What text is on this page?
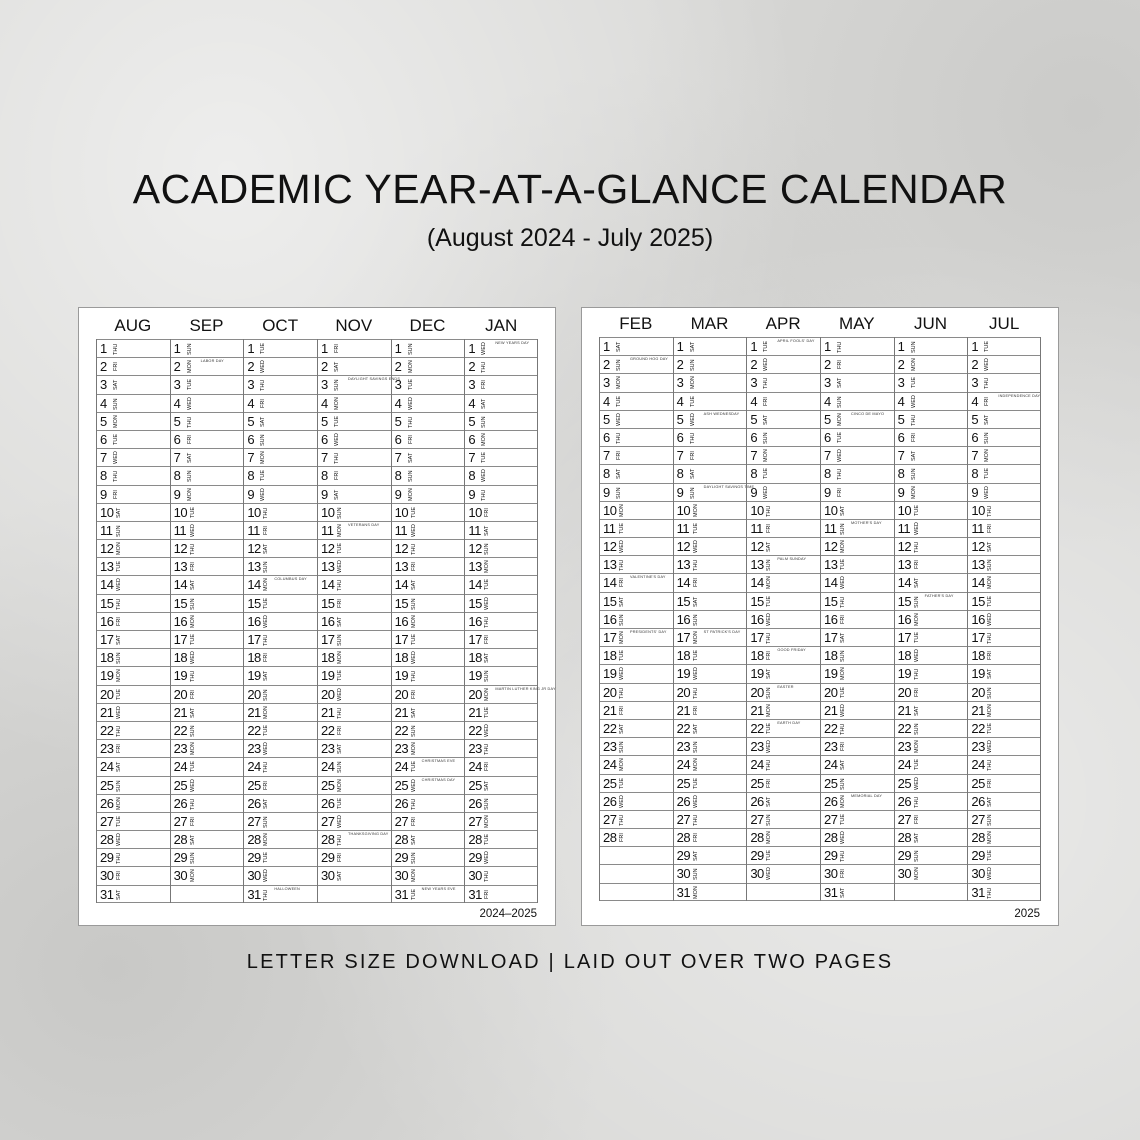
ACADEMIC YEAR-AT-A-GLANCE CALENDAR
(August 2024 - July 2025)
AUG
1 THU
2 FRI
3 SAT
4 SUN
5 MON
6 TUE
7 WED
8 THU
9 FRI
10 SAT
11 SUN
12 MON
13 TUE
14 WED
15 THU
16 FRI
17 SAT
18 SUN
19 MON
20 TUE
21 WED
22 THU
23 FRI
24 SAT
25 SUN
26 MON
27 TUE
28 WED
29 THU
30 FRI
31 SAT
SEP
1 SUN
2 MON LABOR DAY
3 TUE
4 WED
5 THU
6 FRI
7 SAT
8 SUN
9 MON
10 TUE
11 WED
12 THU
13 FRI
14 SAT
15 SUN
16 MON
17 TUE
18 WED
19 THU
20 FRI
21 SAT
22 SUN
23 MON
24 TUE
25 WED
26 THU
27 FRI
28 SAT
29 SUN
30 MON
OCT
1 TUE
2 WED
3 THU
4 FRI
5 SAT
6 SUN
7 MON
8 TUE
9 WED
10 THU
11 FRI
12 SAT
13 SUN
14 MON COLUMBUS DAY
15 TUE
16 WED
17 THU
18 FRI
19 SAT
20 SUN
21 MON
22 TUE
23 WED
24 THU
25 FRI
26 SAT
27 SUN
28 MON
29 TUE
30 WED
31 THU
HALLOWEEN
NOV
1 FRI
2 SAT
3 SUN
DAYLIGHT SAVINGS ENDS
4 MON
5 TUE
6 WED
7 THU
8 FRI
9 SAT
10 SUN
11 MON VETERANS DAY
12 TUE
13 WED
14 THU
15 FRI
16 SAT
17 SUN
18 MON
19 TUE
20 WED
21 THU
22 FRI
23 SAT
24 SUN
25 MON
26 TUE
27 WED
28 THU
THANKSGIVING DAY
29 FRI
30 SAT
DEC
1 SUN
2 MON
3 TUE
4 WED
5 THU
6 FRI
7 SAT
8 SUN
9 MON
10 TUE
11 WED
12 THU
13 FRI
14 SAT
15 SUN
16 MON
17 TUE
18 WED
19 THU
20 FRI
21 SAT
22 SUN
23 MON
24 TUE
CHRISTMAS EVE
25 WED CHRISTMAS DAY
26 THU
27 FRI
28 SAT
29 SUN
30 MON
31 TUE
NEW YEARS EVE
JAN
1 WED NEW YEARS DAY
2 THU
3 FRI
4 SAT
5 SUN
6 MON
7 TUE
8 WED
9 THU
10 FRI
11 SAT
12 SUN
13 MON
14 TUE
15 WED
16 THU
17 FRI
18 SAT
19 SUN
20 MON MARTIN LUTHER KING JR DAY
21 TUE
22 WED
23 THU
24 FRI
25 SAT
26 SUN
27 MON
28 TUE
29 WED
30 THU
31 FRI
2024–2025
FEB
1 SAT
2 SUN
GROUND HOG DAY
3 MON
4 TUE
5 WED
6 THU
7 FRI
8 SAT
9 SUN
10 MON
11 TUE
12 WED
13 THU
14 FRI
VALENTINE'S DAY
15 SAT
16 SUN
17 MON PRESIDENTS' DAY
18 TUE
19 WED
20 THU
21 FRI
22 SAT
23 SUN
24 MON
25 TUE
26 WED
27 THU
28 FRI
MAR
1 SAT
2 SUN
3 MON
4 TUE
5 WED ASH WEDNESDAY
6 THU
7 FRI
8 SAT
9 SUN
DAYLIGHT SAVINGS TIME
10 MON
11 TUE
12 WED
13 THU
14 FRI
15 SAT
16 SUN
17 MON ST PATRICK'S DAY
18 TUE
19 WED
20 THU
21 FRI
22 SAT
23 SUN
24 MON
25 TUE
26 WED
27 THU
28 FRI
29 SAT
30 SUN
31 MON
APR
1 TUE
APRIL FOOLS' DAY
2 WED
3 THU
4 FRI
5 SAT
6 SUN
7 MON
8 TUE
9 WED
10 THU
11 FRI
12 SAT
13 SUN
PALM SUNDAY
14 MON
15 TUE
16 WED
17 THU
18 FRI
GOOD FRIDAY
19 SAT
20 SUN
EASTER
21 MON
22 TUE
EARTH DAY
23 WED
24 THU
25 FRI
26 SAT
27 SUN
28 MON
29 TUE
30 WED
MAY
1 THU
2 FRI
3 SAT
4 SUN
5 MON CINCO DE MAYO
6 TUE
7 WED
8 THU
9 FRI
10 SAT
11 SUN
MOTHER'S DAY
12 MON
13 TUE
14 WED
15 THU
16 FRI
17 SAT
18 SUN
19 MON
20 TUE
21 WED
22 THU
23 FRI
24 SAT
25 SUN
26 MON MEMORIAL DAY
27 TUE
28 WED
29 THU
30 FRI
31 SAT
JUN
1 SUN
2 MON
3 TUE
4 WED
5 THU
6 FRI
7 SAT
8 SUN
9 MON
10 TUE
11 WED
12 THU
13 FRI
14 SAT
15 SUN
FATHER'S DAY
16 MON
17 TUE
18 WED
19 THU
20 FRI
21 SAT
22 SUN
23 MON
24 TUE
25 WED
26 THU
27 FRI
28 SAT
29 SUN
30 MON
JUL
1 TUE
2 WED
3 THU
4 FRI
INDEPENDENCE DAY
5 SAT
6 SUN
7 MON
8 TUE
9 WED
10 THU
11 FRI
12 SAT
13 SUN
14 MON
15 TUE
16 WED
17 THU
18 FRI
19 SAT
20 SUN
21 MON
22 TUE
23 WED
24 THU
25 FRI
26 SAT
27 SUN
28 MON
29 TUE
30 WED
31 THU
2025
LETTER SIZE DOWNLOAD | LAID OUT OVER TWO PAGES
